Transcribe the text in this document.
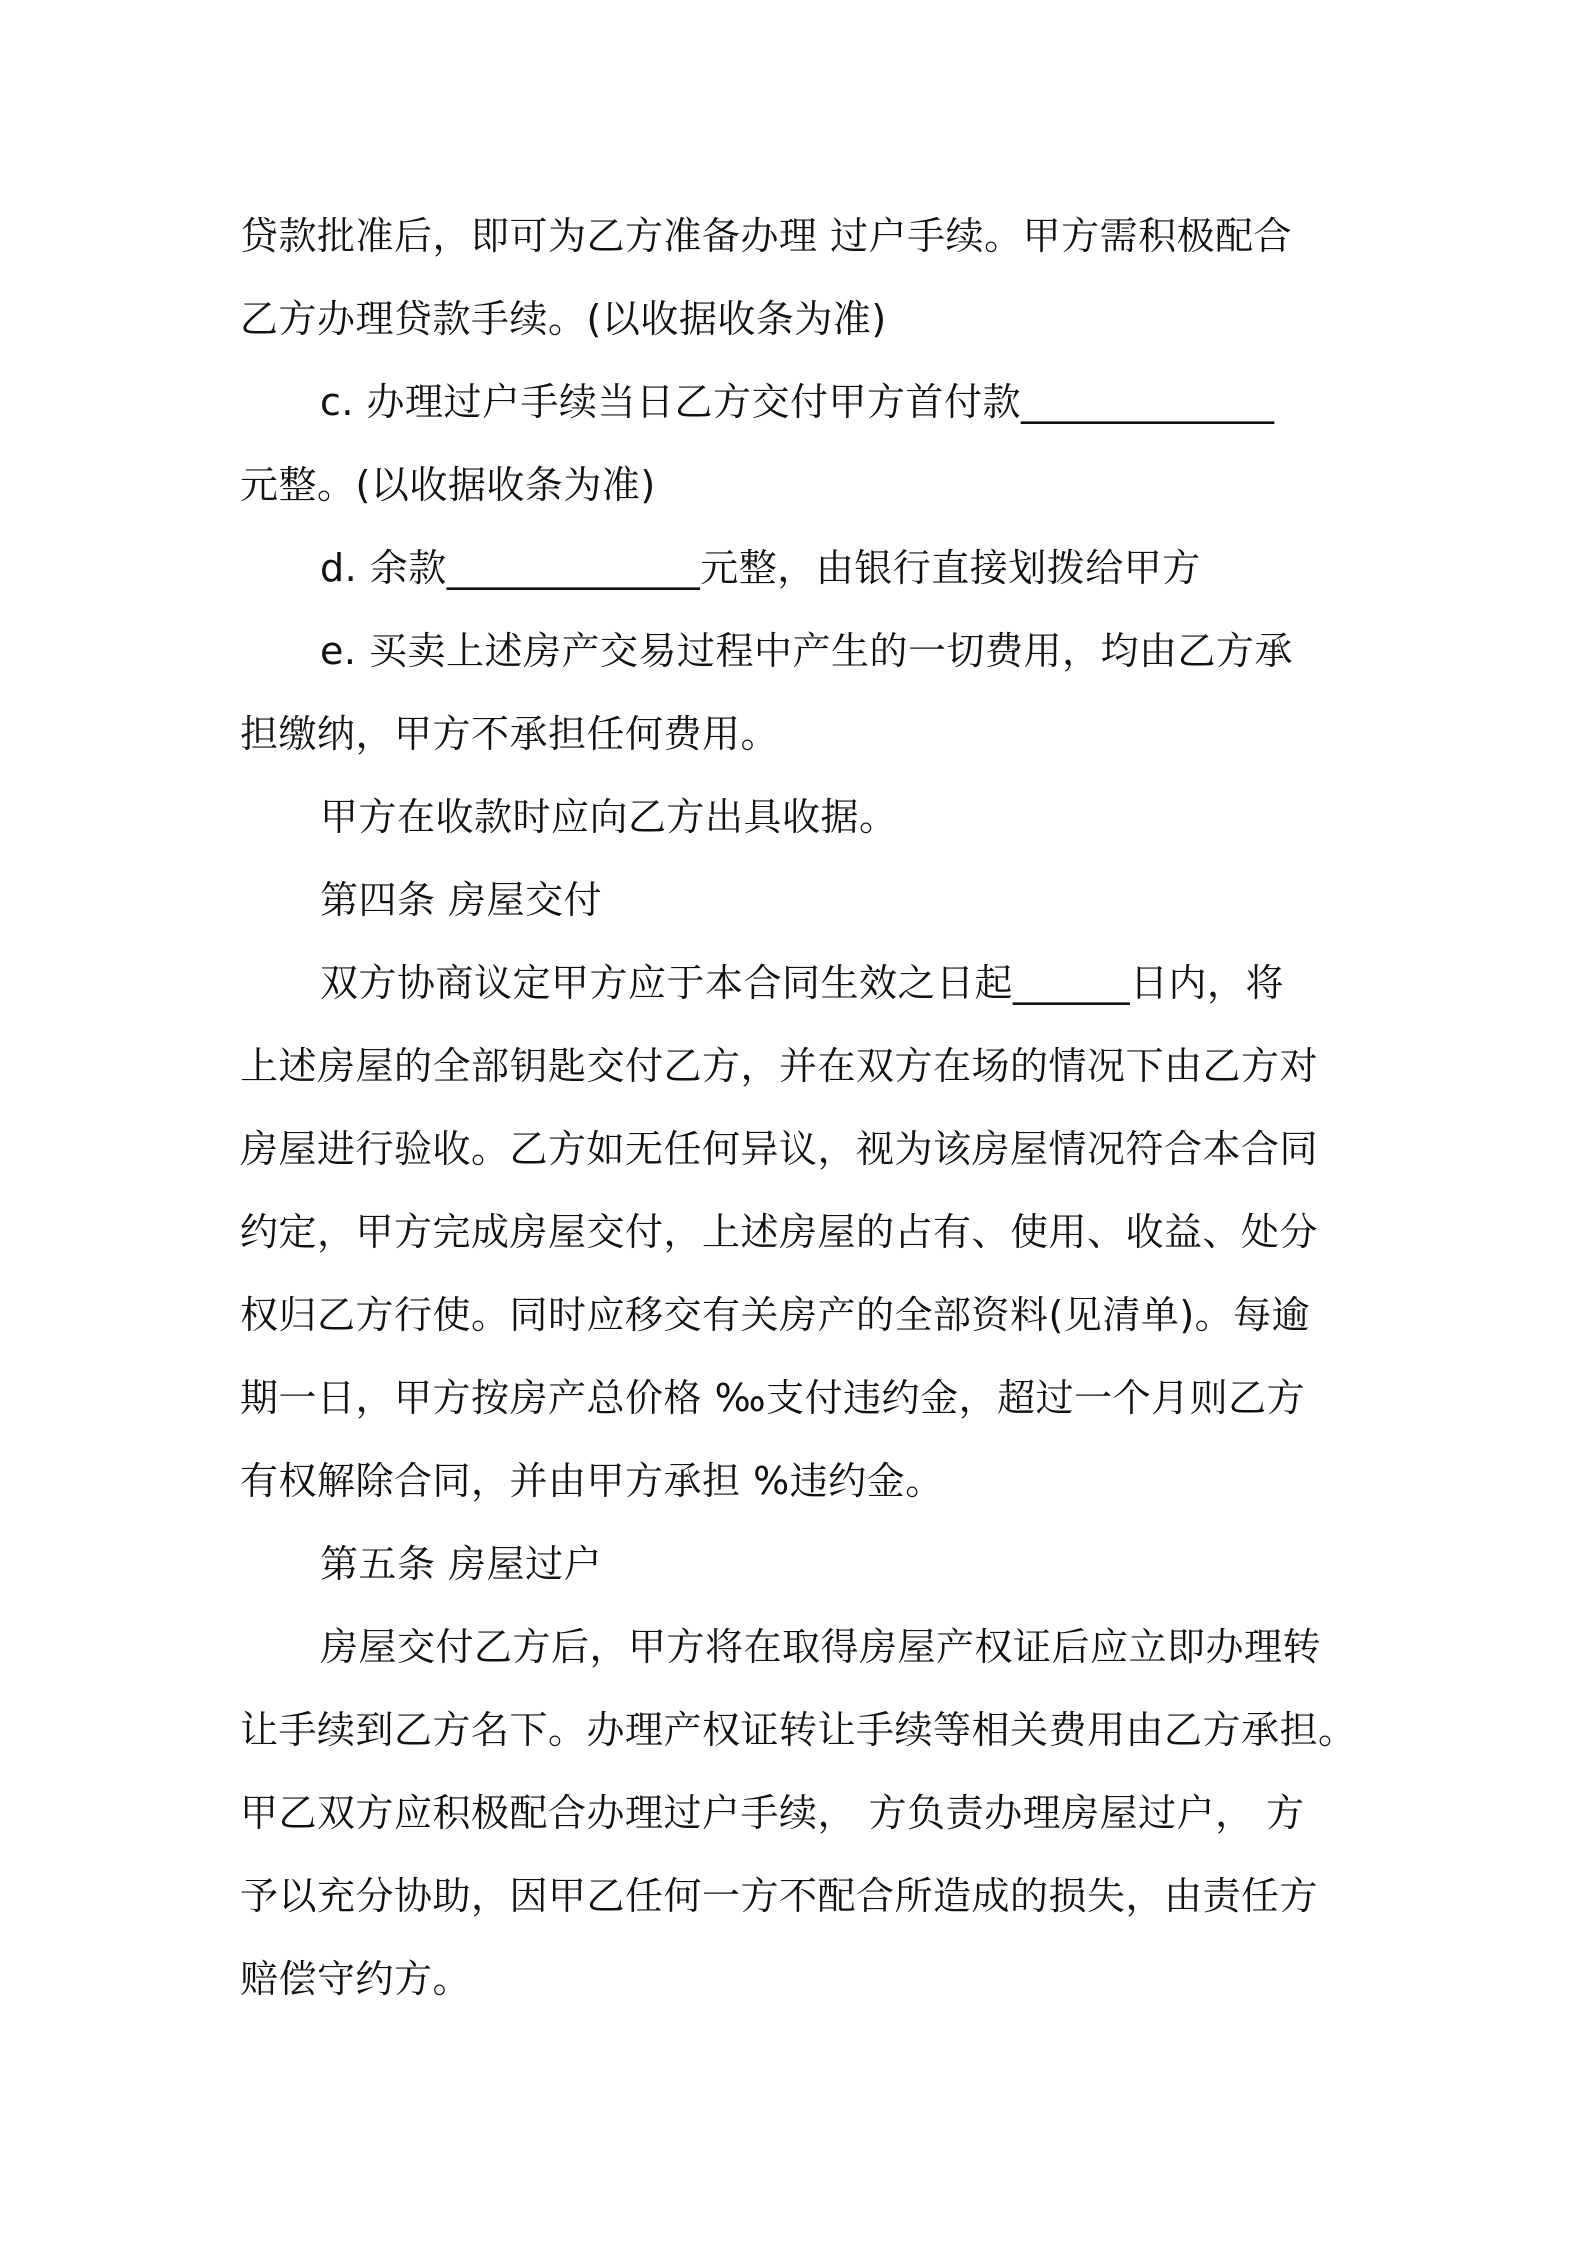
贷款批准后，即可为乙方准备办理 过户手续。甲方需积极配合
乙方办理贷款手续。(以收据收条为准)
c. 办理过户手续当日乙方交付甲方首付款_____________
元整。(以收据收条为准)
d. 余款_____________元整，由银行直接划拨给甲方
e. 买卖上述房产交易过程中产生的一切费用，均由乙方承
担缴纳，甲方不承担任何费用。
甲方在收款时应向乙方出具收据。
第四条 房屋交付
双方协商议定甲方应于本合同生效之日起______日内，将
上述房屋的全部钥匙交付乙方，并在双方在场的情况下由乙方对
房屋进行验收。乙方如无任何异议，视为该房屋情况符合本合同
约定，甲方完成房屋交付，上述房屋的占有、使用、收益、处分
权归乙方行使。同时应移交有关房产的全部资料(见清单)。每逾
期一日，甲方按房产总价格 ‰支付违约金，超过一个月则乙方
有权解除合同，并由甲方承担 %违约金。
第五条 房屋过户
房屋交付乙方后，甲方将在取得房屋产权证后应立即办理转
让手续到乙方名下。办理产权证转让手续等相关费用由乙方承担。
甲乙双方应积极配合办理过户手续， 方负责办理房屋过户， 方
予以充分协助，因甲乙任何一方不配合所造成的损失，由责任方
赔偿守约方。
